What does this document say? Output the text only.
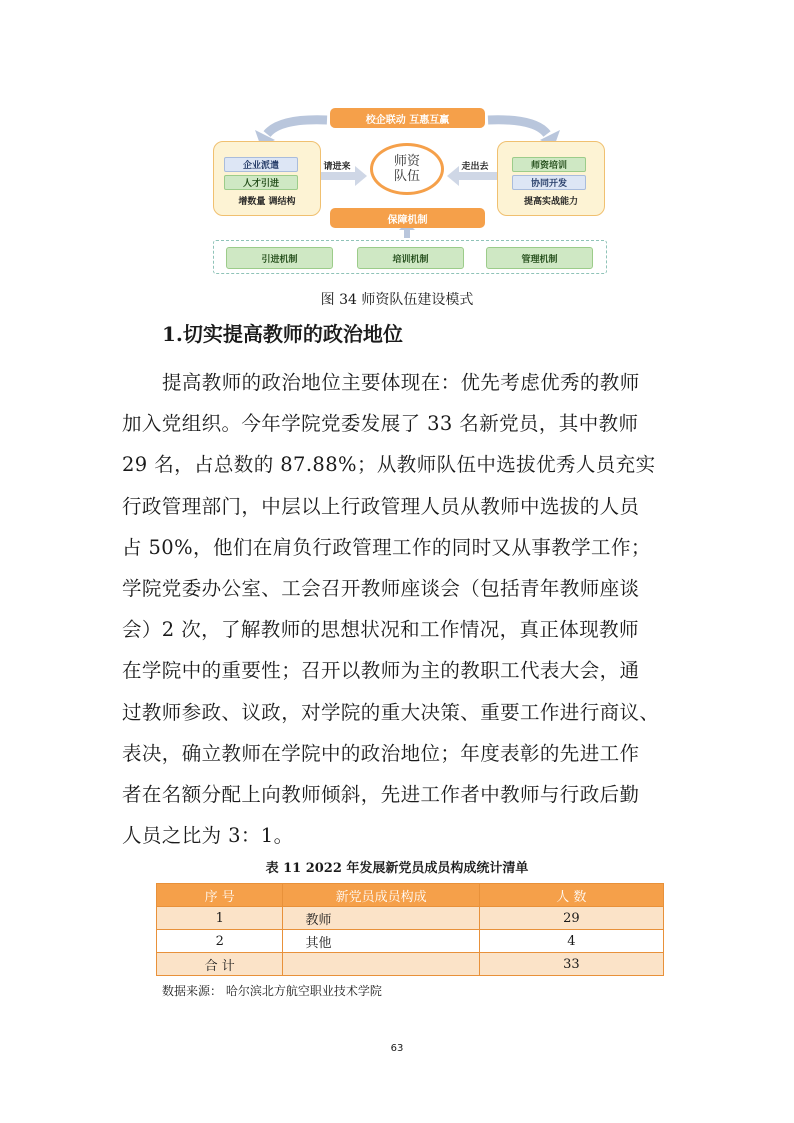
校企联动 互惠互赢
企业派遣
人才引进
增数量 调结构
师资培训
协同开发
提高实战能力
请进来	走出去
师资
队伍
保障机制
引进机制	培训机制	管理机制
图 34 师资队伍建设模式
1.切实提高教师的政治地位
提高教师的政治地位主要体现在：优先考虑优秀的教师
加入党组织。今年学院党委发展了 33 名新党员，其中教师
29 名，占总数的 87.88%；从教师队伍中选拔优秀人员充实
行政管理部门，中层以上行政管理人员从教师中选拔的人员
占 50%，他们在肩负行政管理工作的同时又从事教学工作；
学院党委办公室、工会召开教师座谈会（包括青年教师座谈
会）2 次，了解教师的思想状况和工作情况，真正体现教师
在学院中的重要性；召开以教师为主的教职工代表大会，通
过教师参政、议政，对学院的重大决策、重要工作进行商议、
表决，确立教师在学院中的政治地位；年度表彰的先进工作
者在名额分配上向教师倾斜，先进工作者中教师与行政后勤
人员之比为 3：1。
表 11 2022 年发展新党员成员构成统计清单
序 号	新党员成员构成	人 数
1	教师	29
2	其他	4
合 计		33
数据来源： 哈尔滨北方航空职业技术学院
63
